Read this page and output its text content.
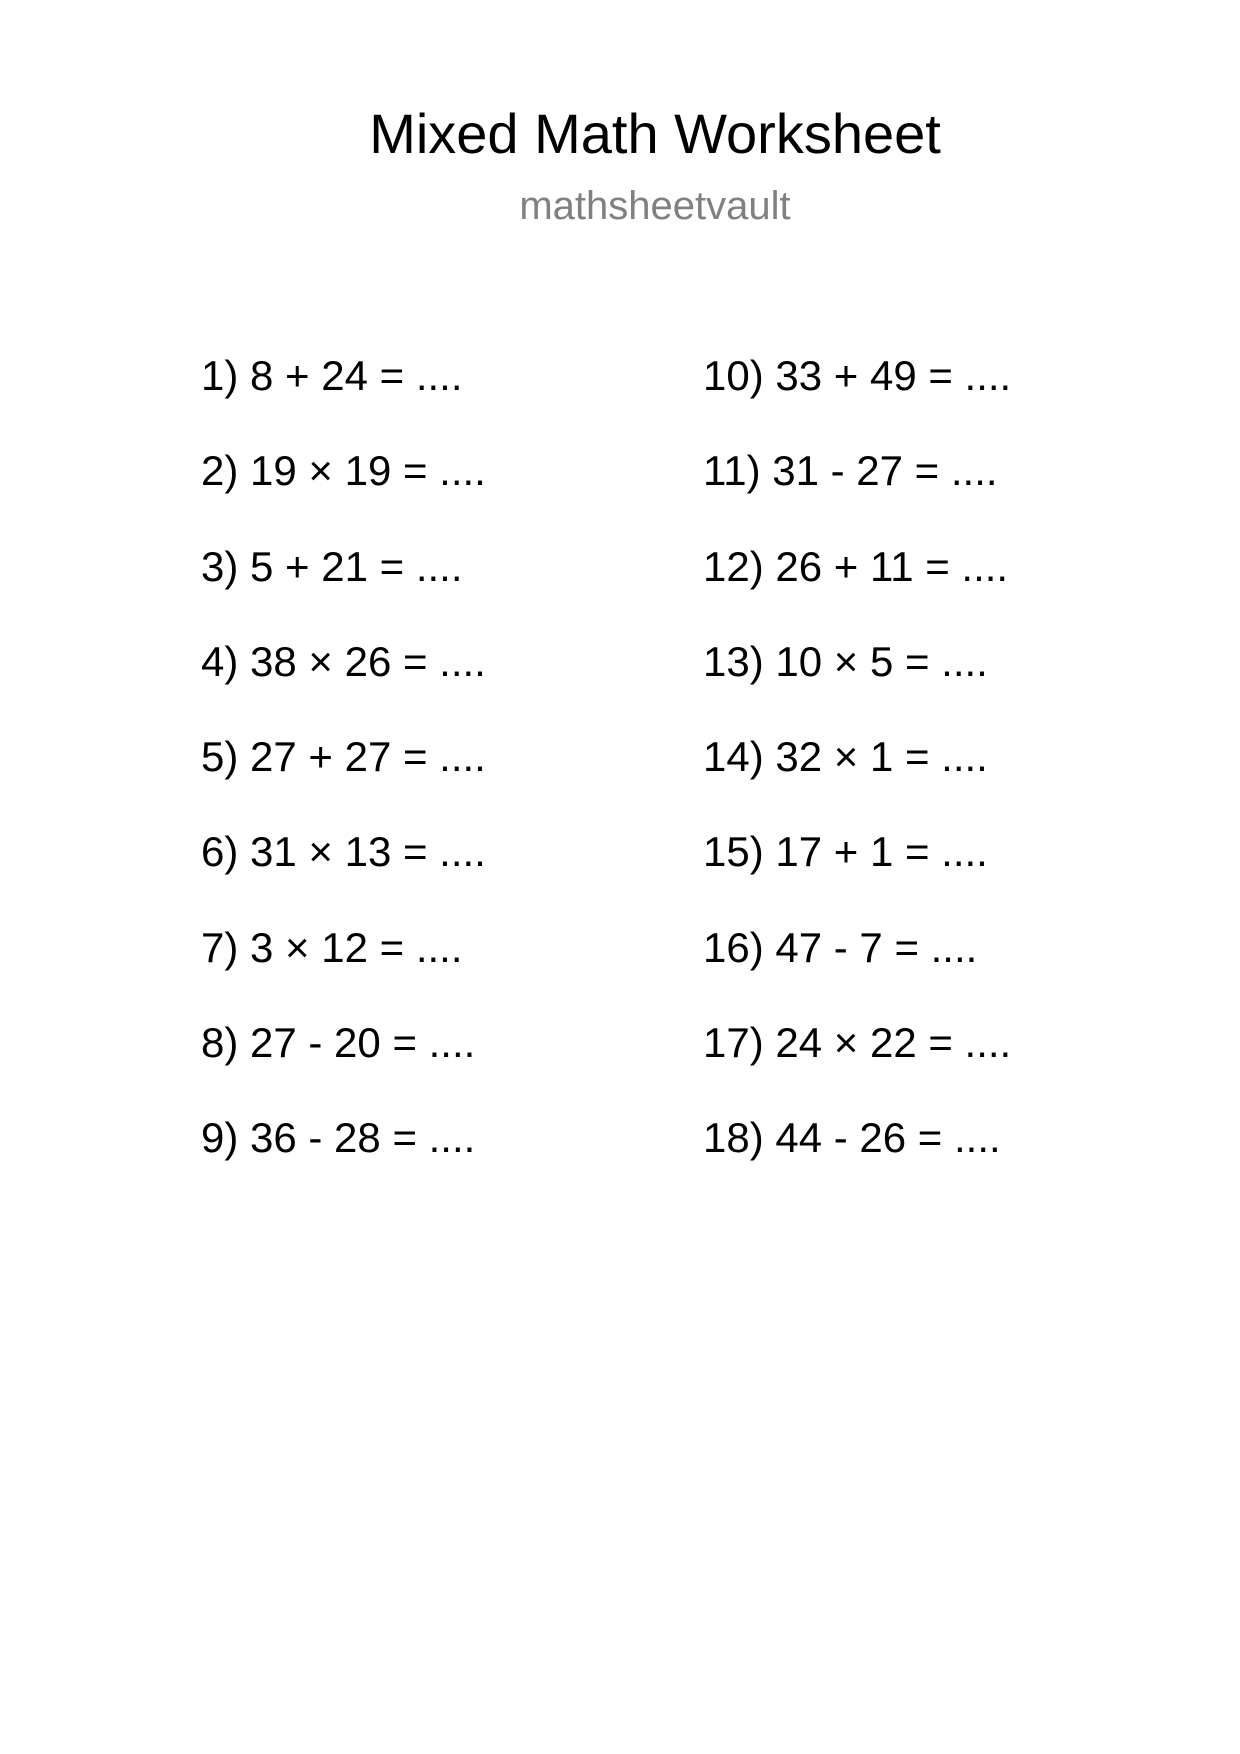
Mixed Math Worksheet
mathsheetvault
1) 8 + 24 = ....
2) 19 × 19 = ....
3) 5 + 21 = ....
4) 38 × 26 = ....
5) 27 + 27 = ....
6) 31 × 13 = ....
7) 3 × 12 = ....
8) 27 - 20 = ....
9) 36 - 28 = ....
10) 33 + 49 = ....
11) 31 - 27 = ....
12) 26 + 11 = ....
13) 10 × 5 = ....
14) 32 × 1 = ....
15) 17 + 1 = ....
16) 47 - 7 = ....
17) 24 × 22 = ....
18) 44 - 26 = ....
